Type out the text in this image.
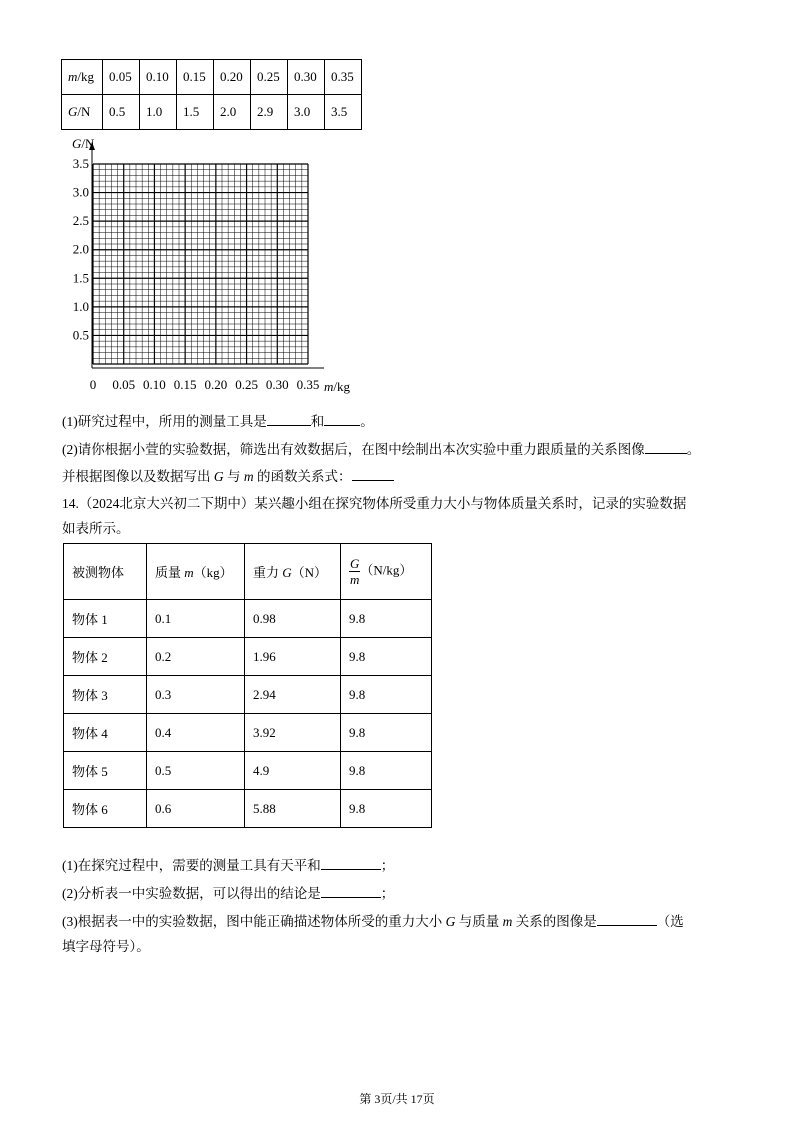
m/kg	0.05	0.10	0.15	0.20	0.25	0.30	0.35
G/N	0.5	1.0	1.5	2.0	2.9	3.0	3.5
0 0.05 0.10 0.15 0.20 0.25 0.30 0.35
0.5
1.0
1.5
2.0
2.5
3.0
3.5
G/N
m/kg
(1)研究过程中，所用的测量工具是	和	。
(2)请你根据小萱的实验数据，筛选出有效数据后，在图中绘制出本次实验中重力跟质量的关系图像	。
并根据图像以及数据写出 G 与 m 的函数关系式：
14.（2024北京大兴初二下期中）某兴趣小组在探究物体所受重力大小与物体质量关系时，记录的实验数据
如表所示。
被测物体	质量 m（kg）	重力 G（N）	$\frac{G}{m} (N/kg)$
物体 1	0.1	0.98	9.8
物体 2	0.2	1.96	9.8
物体 3	0.3	2.94	9.8
物体 4	0.4	3.92	9.8
物体 5	0.5	4.9	9.8
物体 6	0.6	5.88	9.8
(1)在探究过程中，需要的测量工具有天平和	；
(2)分析表一中实验数据，可以得出的结论是	；
(3)根据表一中的实验数据，图中能正确描述物体所受的重力大小 G 与质量 m 关系的图像是	（选
填字母符号）。
第 3页/共 17页
